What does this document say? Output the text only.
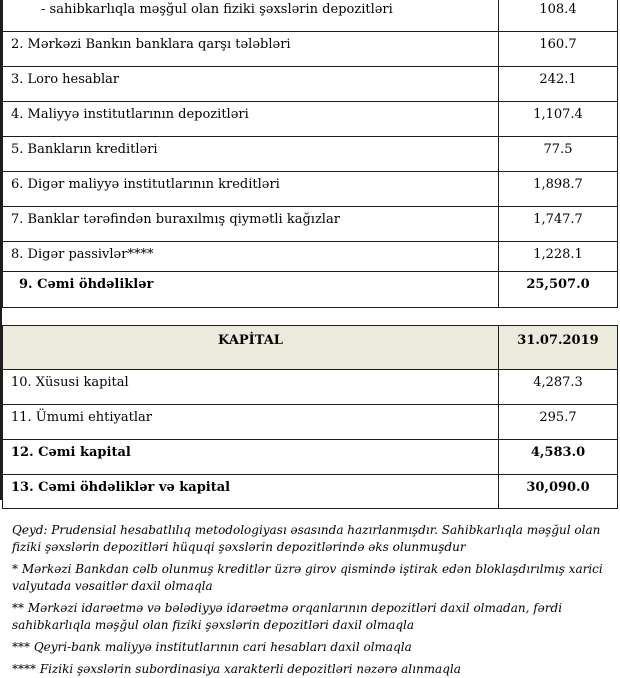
- sahibkarlıqla məşğul olan fiziki şəxslərin depozitləri	108.4
2. Mərkəzi Bankın banklara qarşı tələbləri	160.7
3. Loro hesablar	242.1
4. Maliyyə institutlarının depozitləri	1,107.4
5. Bankların kreditləri	77.5
6. Digər maliyyə institutlarının kreditləri	1,898.7
7. Banklar tərəfindən buraxılmış qiymətli kağızlar	1,747.7
8. Digər passivlər****	1,228.1
9. Cəmi öhdəliklər	25,507.0
KAPİTAL	31.07.2019
10. Xüsusi kapital	4,287.3
11. Ümumi ehtiyatlar	295.7
12. Cəmi kapital	4,583.0
13. Cəmi öhdəliklər və kapital	30,090.0

Qeyd: Prudensial hesabatlılıq metodologiyası əsasında hazırlanmışdır. Sahibkarlıqla məşğul olan fiziki şəxslərin depozitləri hüquqi şəxslərin depozitlərində əks olunmuşdur

* Mərkəzi Bankdan cəlb olunmuş kreditlər üzrə girov qismində iştirak edən bloklaşdırılmış xarici valyutada vəsaitlər daxil olmaqla

** Mərkəzi idarəetmə və bələdiyyə idarəetmə orqanlarının depozitləri daxil olmadan, fərdi sahibkarlıqla məşğul olan fiziki şəxslərin depozitləri daxil olmaqla

*** Qeyri-bank maliyyə institutlarının cari hesabları daxil olmaqla

**** Fiziki şəxslərin subordinasiya xarakterli depozitləri nəzərə alınmaqla
